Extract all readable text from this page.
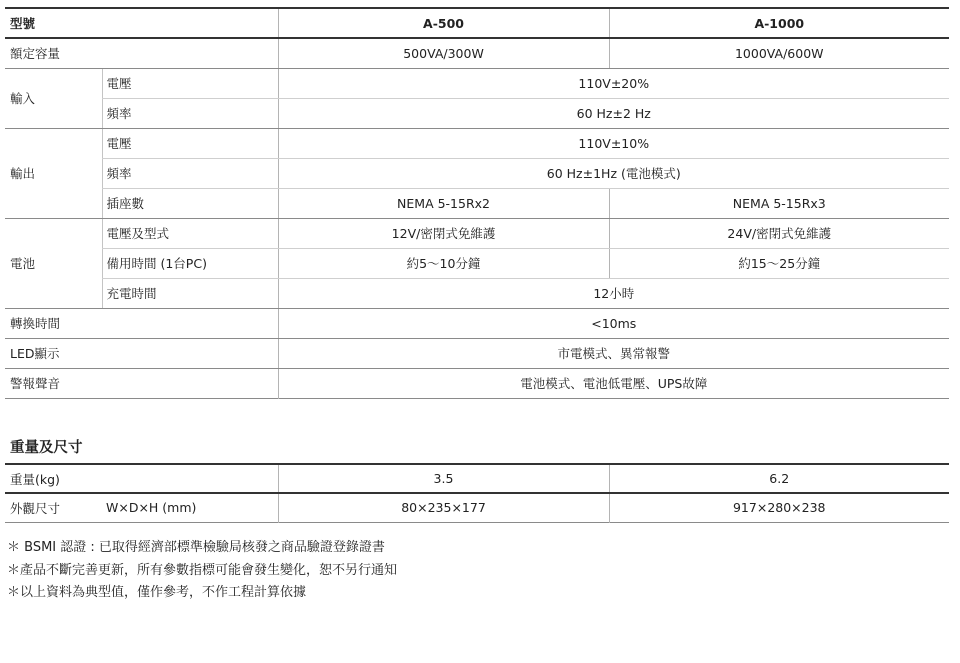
型號		A-500	A-1000
額定容量		500VA/300W	1000VA/600W
輸入	電壓	110V±20%	
	頻率	60 Hz±2 Hz	
輸出	電壓	110V±10%	
	頻率	60 Hz±1Hz (電池模式)	
	插座數	NEMA 5-15Rx2	NEMA 5-15Rx3
電池	電壓及型式	12V/密閉式免維護	24V/密閉式免維護
	備用時間 (1台PC)	約5～10分鐘	約15～25分鐘
	充電時間	12小時	
轉換時間		<10ms	
LED顯示		市電模式、異常報警	
警報聲音		電池模式、電池低電壓、UPS故障	
重量及尺寸
重量(kg)		3.5	6.2
外觀尺寸	W×D×H (mm)	80×235×177	917×280×238
＊ BSMI 認證 : 已取得經濟部標準檢驗局核發之商品驗證登錄證書
＊產品不斷完善更新，所有參數指標可能會發生變化，恕不另行通知
＊以上資料為典型值，僅作參考，不作工程計算依據
